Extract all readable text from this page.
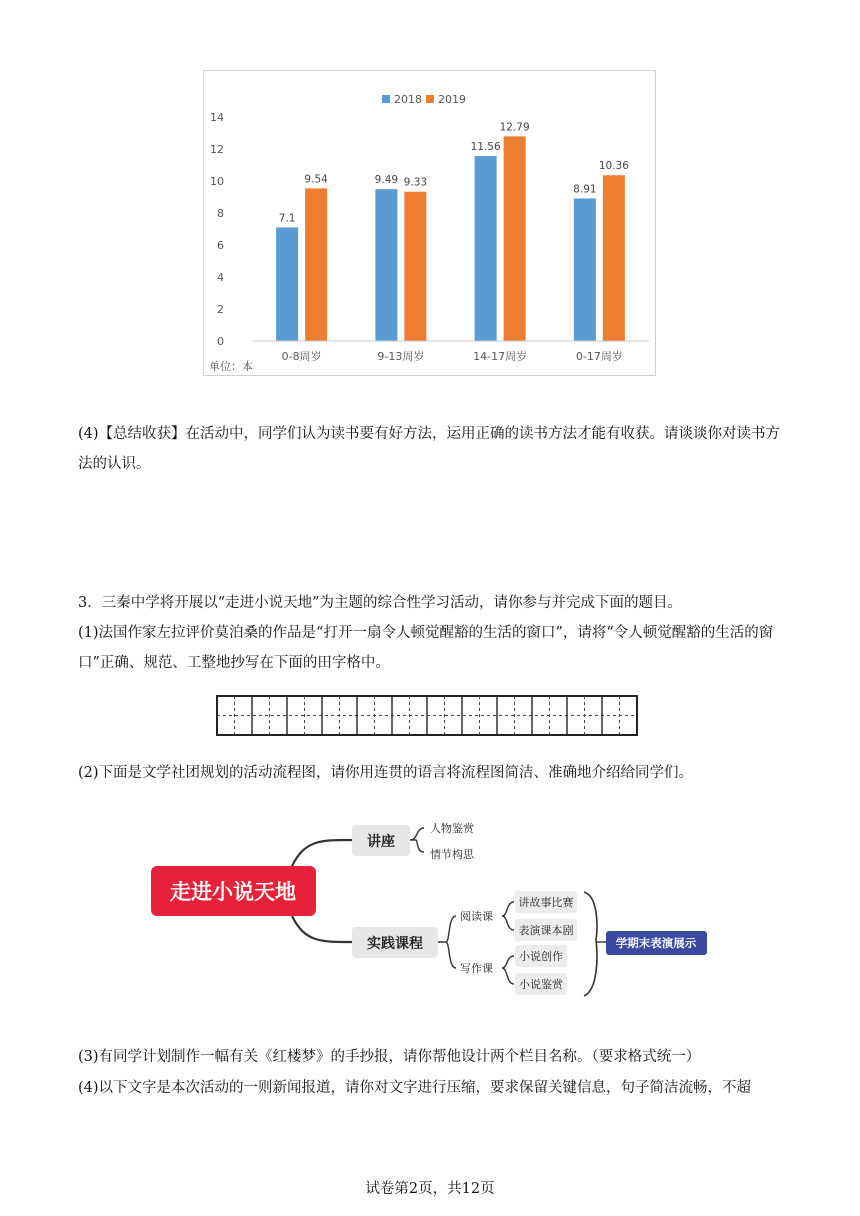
2018 2019
0
2
4
6
8
10
12
14
7.1
9.54	9.49 9.33
11.56
12.79
8.91
10.36
0-8周岁	9-13周岁	14-17周岁	0-17周岁
单位：本

(4)【总结收获】在活动中，同学们认为读书要有好方法，运用正确的读书方法才能有收获。请谈谈你对读书方法的认识。

3．三秦中学将开展以“走进小说天地”为主题的综合性学习活动，请你参与并完成下面的题目。

(1)法国作家左拉评价莫泊桑的作品是“打开一扇令人顿觉醒豁的生活的窗口”，请将“令人顿觉醒豁的生活的窗口”正确、规范、工整地抄写在下面的田字格中。

(2)下面是文学社团规划的活动流程图，请你用连贯的语言将流程图简洁、准确地介绍给同学们。

走进小说天地
讲座
人物鉴赏
情节构思
实践课程
阅读课
写作课
讲故事比赛
表演课本剧
小说创作
小说鉴赏
学期末表演展示

(3)有同学计划制作一幅有关《红楼梦》的手抄报，请你帮他设计两个栏目名称。（要求格式统一）

(4)以下文字是本次活动的一则新闻报道，请你对文字进行压缩，要求保留关键信息，句子简洁流畅，不超

试卷第2页，共12页
